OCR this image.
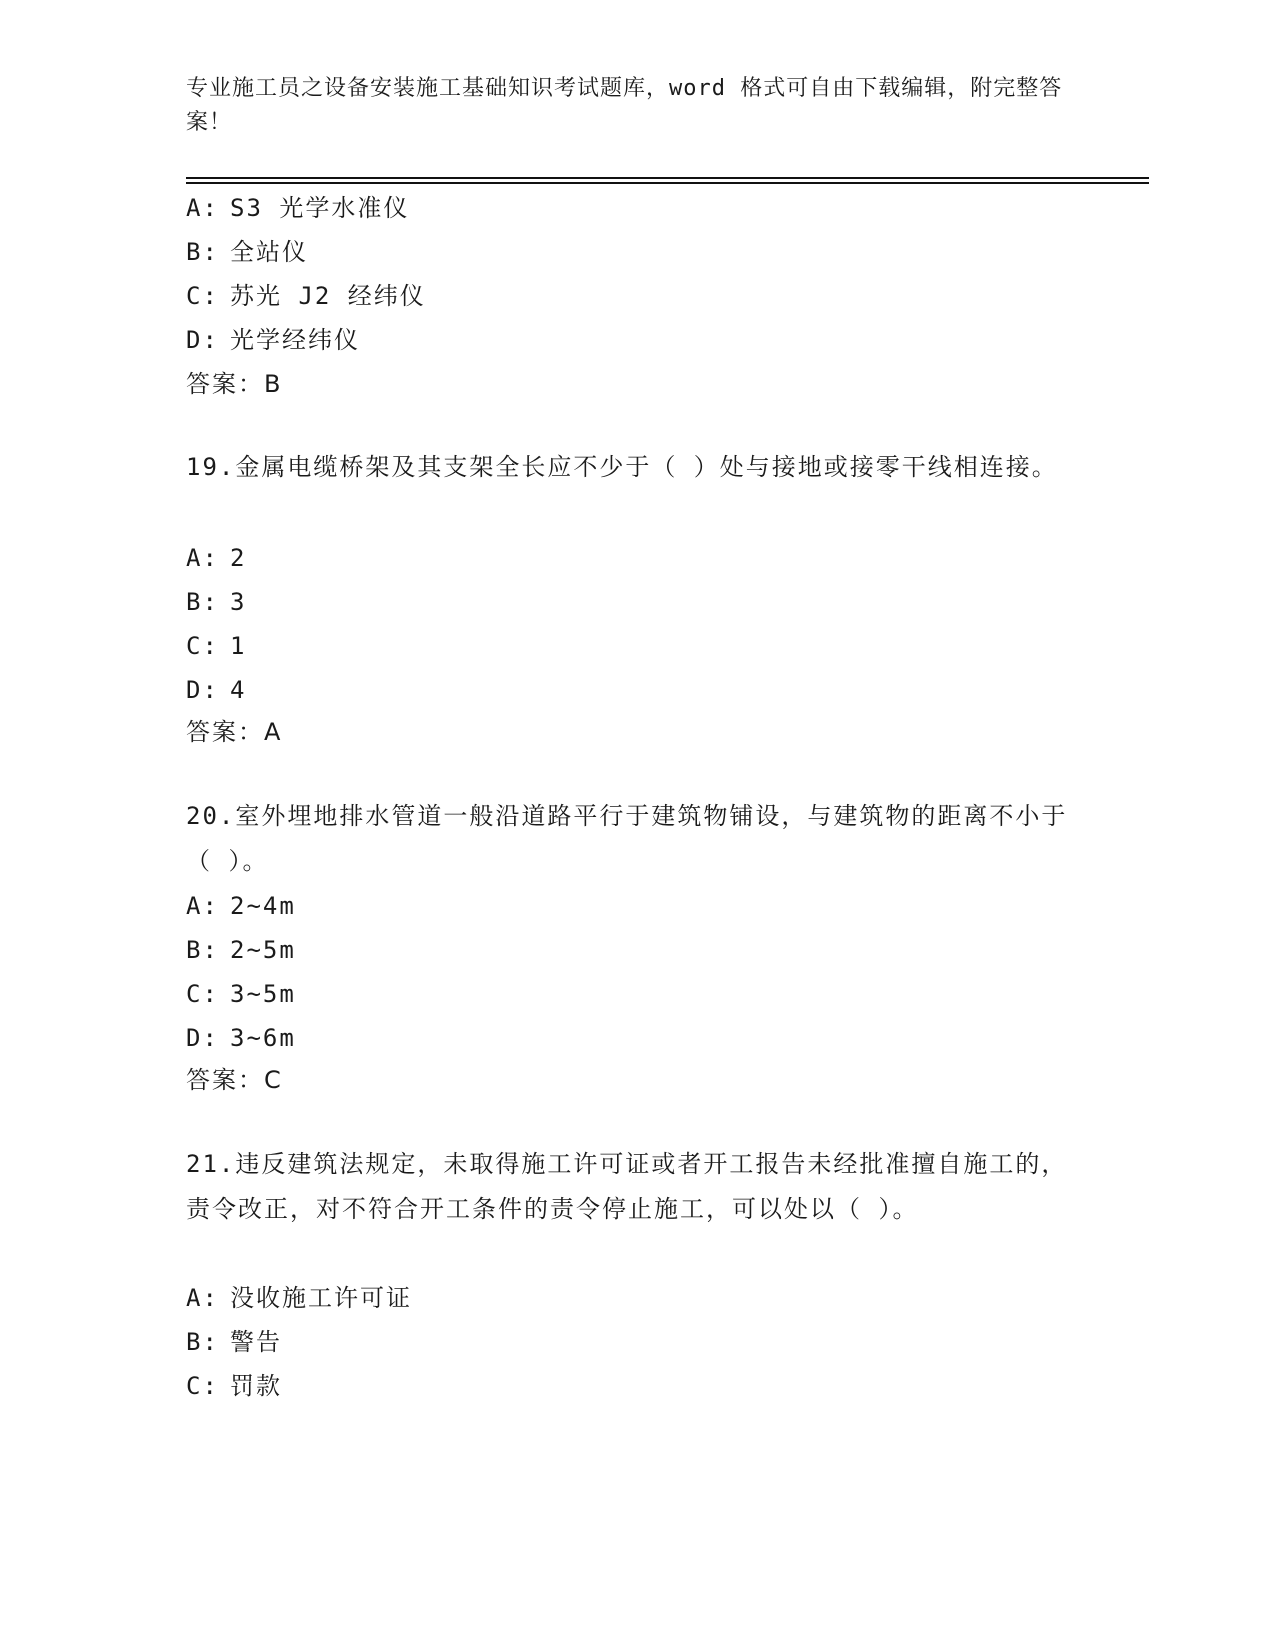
专业施工员之设备安装施工基础知识考试题库，word 格式可自由下载编辑，附完整答案！

A: S3 光学水准仪
B: 全站仪
C: 苏光 J2 经纬仪
D: 光学经纬仪
答案：B

19.金属电缆桥架及其支架全长应不少于（ ）处与接地或接零干线相连接。

A: 2
B: 3
C: 1
D: 4
答案：A

20.室外埋地排水管道一般沿道路平行于建筑物铺设，与建筑物的距离不小于（ ）。

A: 2~4m
B: 2~5m
C: 3~5m
D: 3~6m
答案：C

21.违反建筑法规定，未取得施工许可证或者开工报告未经批准擅自施工的，责令改正，对不符合开工条件的责令停止施工，可以处以（ ）。

A: 没收施工许可证
B: 警告
C: 罚款
